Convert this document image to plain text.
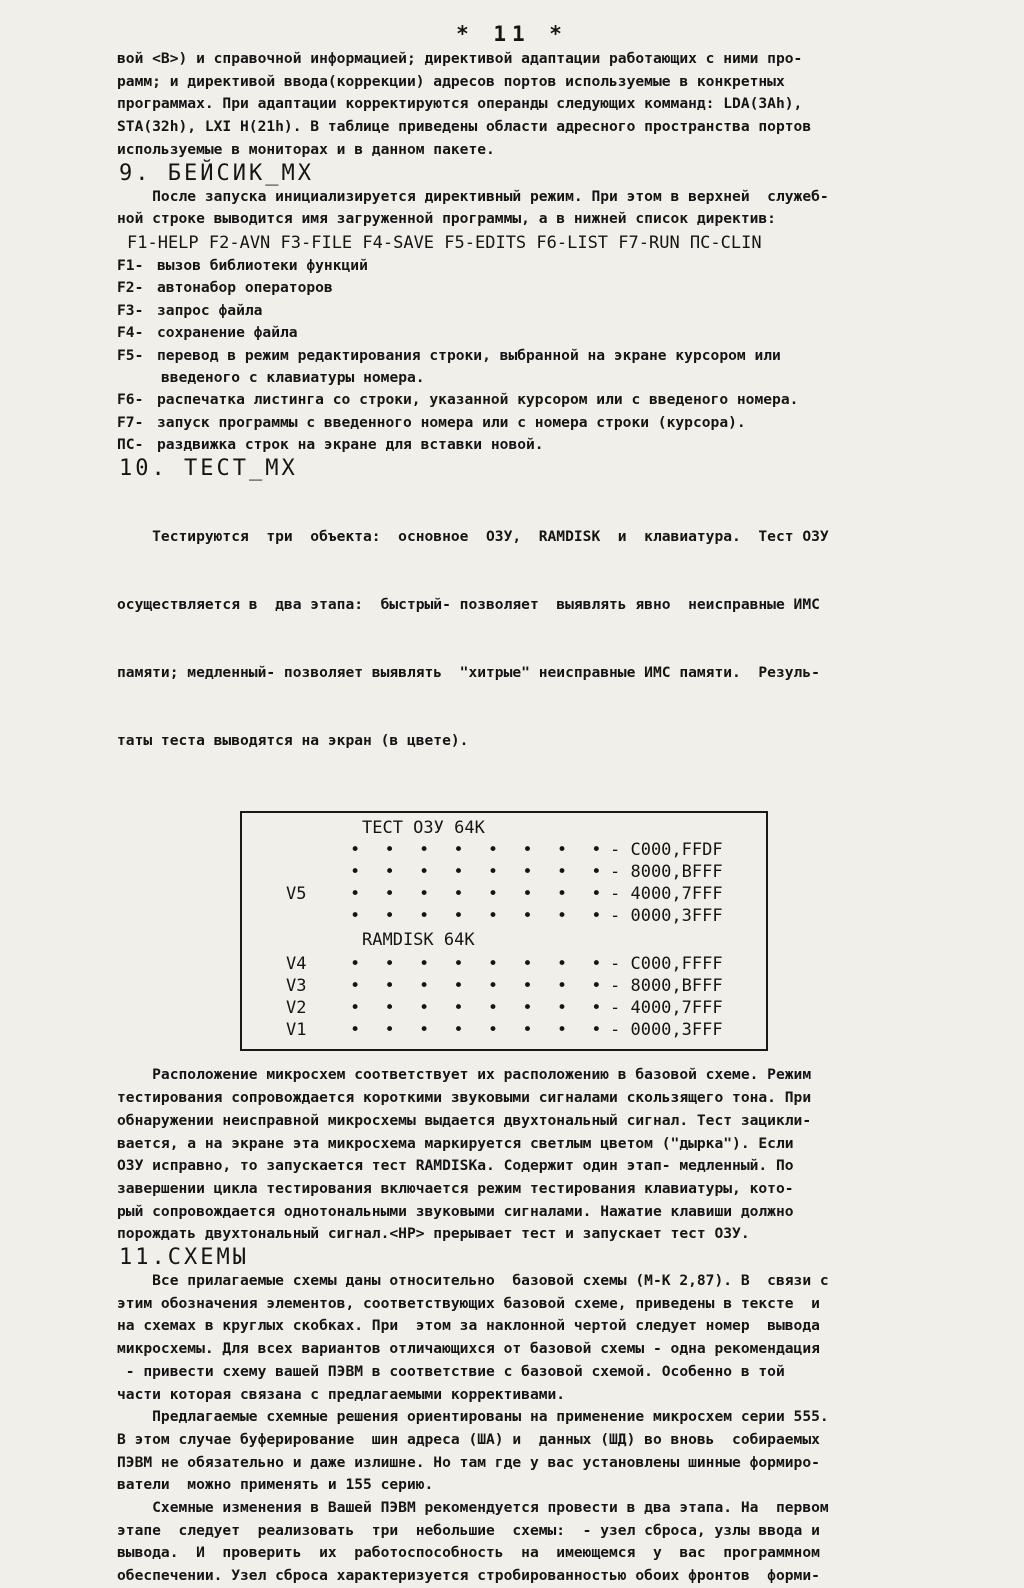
* 11 *
вой <В>) и справочной информацией; директивой адаптации работающих с ними про-
рамм; и директивой ввода(коррекции) адресов портов используемые в конкретных
программах. При адаптации корректируются операнды следующих комманд: LDA(3Ah),
STA(32h), LXI H(21h). В таблице приведены области адресного пространства портов
используемые в мониторах и в данном пакете.
9. БЕЙСИК_МХ
После запуска инициализируется директивный режим. При этом в верхней  служеб-
ной строке выводится имя загруженной программы, а в нижней список директив:
F1-HELP F2-AVN F3-FILE F4-SAVE F5-EDITS F6-LIST F7-RUN ПС-CLIN
F1- вызов библиотеки функций
F2- автонабор операторов
F3- запрос файла
F4- сохранение файла
F5- перевод в режим редактирования строки, выбранной на экране курсором или
введеного с клавиатуры номера.
F6- распечатка листинга со строки, указанной курсором или с введеного номера.
F7- запуск программы с введенного номера или с номера строки (курсора).
ПС- раздвижка строк на экране для вставки новой.
10. ТЕСТ_МХ

Тестируются  три  объекта:  основное  ОЗУ,  RAMDISK  и  клавиатура.  Тест ОЗУ

осуществляется в  два этапа:  быстрый- позволяет  выявлять явно  неисправные ИМС

памяти; медленный- позволяет выявлять  "хитрые" неисправные ИМС памяти.  Резуль-

таты теста выводятся на экран (в цвете).

ТЕСТ ОЗУ 64К
• • • • • • • • - C000,FFDF
• • • • • • • • - 8000,BFFF
V5	• • • • • • • • - 4000,7FFF
• • • • • • • • - 0000,3FFF
RAMDISK 64K
V4	• • • • • • • • - C000,FFFF
V3	• • • • • • • • - 8000,BFFF
V2	• • • • • • • • - 4000,7FFF
V1	• • • • • • • • - 0000,3FFF
Расположение микросхем соответствует их расположению в базовой схеме. Режим
тестирования сопровождается короткими звуковыми сигналами скользящего тона. При
обнаружении неисправной микросхемы выдается двухтональный сигнал. Тест зацикли-
вается, а на экране эта микросхема маркируется светлым цветом ("дырка"). Если
ОЗУ исправно, то запускается тест RAMDISKа. Содержит один этап- медленный. По
завершении цикла тестирования включается режим тестирования клавиатуры, кото-
рый сопровождается однотональными звуковыми сигналами. Нажатие клавиши должно
порождать двухтональный сигнал.<НР> прерывает тест и запускает тест ОЗУ.
11.СХЕМЫ
Все прилагаемые схемы даны относительно  базовой схемы (М-К 2,87). В  связи с
этим обозначения элементов, соответствующих базовой схеме, приведены в тексте  и
на схемах в круглых скобках. При  этом за наклонной чертой следует номер  вывода
микросхемы. Для всех вариантов отличающихся от базовой схемы - одна рекомендация
- привести схему вашей ПЭВМ в соответствие с базовой схемой. Особенно в той
части которая связана с предлагаемыми коррективами.
Предлагаемые схемные решения ориентированы на применение микросхем серии 555.
В этом случае буферирование  шин адреса (ША) и  данных (ШД) во вновь  собираемых
ПЭВМ не обязательно и даже излишне. Но там где у вас установлены шинные формиро-
ватели  можно применять и 155 серию.
Схемные изменения в Вашей ПЭВМ рекомендуется провести в два этапа. На  первом
этапе  следует  реализовать  три  небольшие  схемы:  - узел сброса, узлы ввода и
вывода.  И  проверить  их  работоспособность  на  имеющемся  у  вас  программном
обеспечении. Узел сброса характеризуется стробированностью обоих фронтов  форми-
